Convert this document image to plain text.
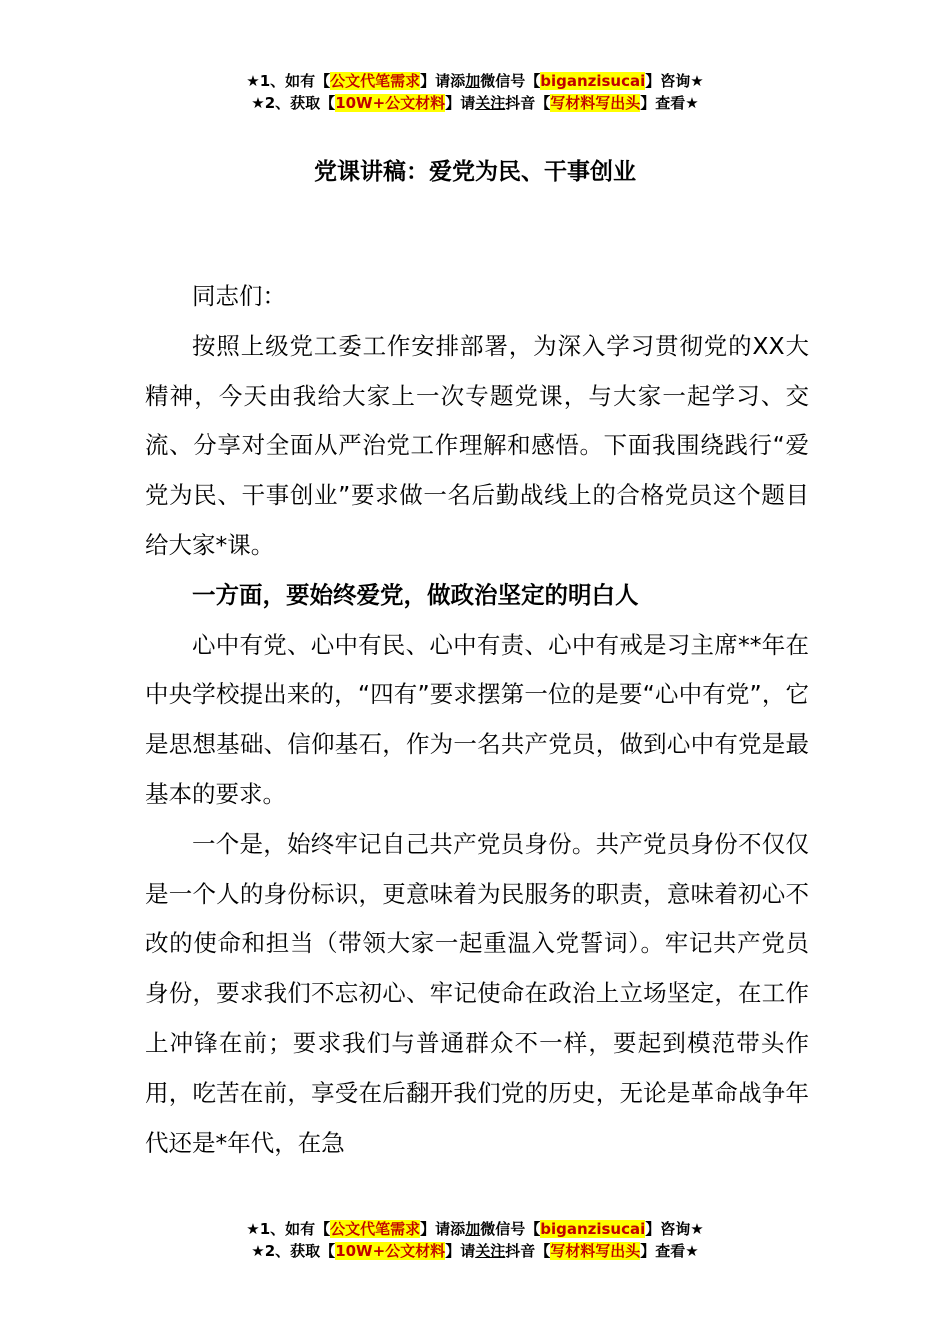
★1、如有【公文代笔需求】请添加微信号【biganzisucai】咨询★
★2、获取【10W+公文材料】请关注抖音【写材料写出头】查看★
党课讲稿：爱党为民、干事创业

同志们：

按照上级党工委工作安排部署，为深入学习贯彻党的XX大精神，今天由我给大家上一次专题党课，与大家一起学习、交流、分享对全面从严治党工作理解和感悟。下面我围绕践行“爱党为民、干事创业”要求做一名后勤战线上的合格党员这个题目给大家*课。

一方面，要始终爱党，做政治坚定的明白人

心中有党、心中有民、心中有责、心中有戒是习主席**年在中央学校提出来的，“四有”要求摆第一位的是要“心中有党”，它是思想基础、信仰基石，作为一名共产党员，做到心中有党是最基本的要求。

一个是，始终牢记自己共产党员身份。共产党员身份不仅仅是一个人的身份标识，更意味着为民服务的职责，意味着初心不改的使命和担当（带领大家一起重温入党誓词）。牢记共产党员身份，要求我们不忘初心、牢记使命在政治上立场坚定，在工作上冲锋在前；要求我们与普通群众不一样，要起到模范带头作用，吃苦在前，享受在后翻开我们党的历史，无论是革命战争年代还是*年代，在急

★1、如有【公文代笔需求】请添加微信号【biganzisucai】咨询★
★2、获取【10W+公文材料】请关注抖音【写材料写出头】查看★
